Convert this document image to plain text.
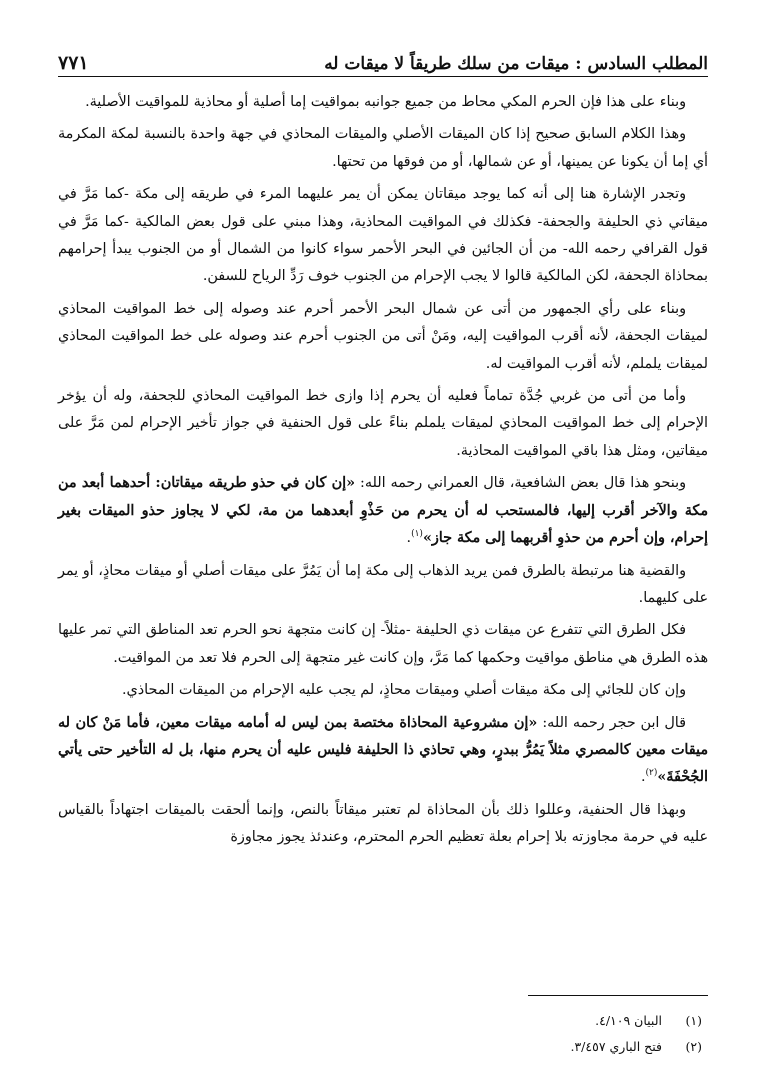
المطلب السادس : ميقات من سلك طريقاً لا ميقات له
٧٧١

وبناء على هذا فإن الحرم المكي محاط من جميع جوانبه بمواقيت إما أصلية أو محاذية للمواقيت الأصلية.

وهذا الكلام السابق صحيح إذا كان الميقات الأصلي والميقات المحاذي في جهة واحدة بالنسبة لمكة المكرمة أي إما أن يكونا عن يمينها، أو عن شمالها، أو من فوقها من تحتها.

وتجدر الإشارة هنا إلى أنه كما يوجد ميقاتان يمكن أن يمر عليهما المرء في طريقه إلى مكة -كما مَرَّ في ميقاتي ذي الحليفة والجحفة- فكذلك في المواقيت المحاذية، وهذا مبني على قول بعض المالكية -كما مَرَّ في قول القرافي رحمه الله- من أن الجائين في البحر الأحمر سواء كانوا من الشمال أو من الجنوب يبدأ إحرامهم بمحاذاة الجحفة، لكن المالكية قالوا لا يجب الإحرام من الجنوب خوف رَدِّ الرياح للسفن.

وبناء على رأي الجمهور من أتى عن شمال البحر الأحمر أحرم عند وصوله إلى خط المواقيت المحاذي لميقات الجحفة، لأنه أقرب المواقيت إليه، ومَنْ أتى من الجنوب أحرم عند وصوله على خط المواقيت المحاذي لميقات يلملم، لأنه أقرب المواقيت له.

وأما من أتى من غربي جُدَّة تماماً فعليه أن يحرم إذا وازى خط المواقيت المحاذي للجحفة، وله أن يؤخر الإحرام إلى خط المواقيت المحاذي لميقات يلملم بناءً على قول الحنفية في جواز تأخير الإحرام لمن مَرَّ على ميقاتين، ومثل هذا باقي المواقيت المحاذية.

وبنحو هذا قال بعض الشافعية، قال العمراني رحمه الله: «إن كان في حذو طريقه ميقاتان: أحدهما أبعد من مكة والآخر أقرب إليها، فالمستحب له أن يحرم من حَذْوِ أبعدهما من مة، لكي لا يجاوز حذو الميقات بغير إحرام، وإن أحرم من حذوِ أقربهما إلى مكة جاز»$^{(١)}$.

والقضية هنا مرتبطة بالطرق فمن يريد الذهاب إلى مكة إما أن يَمُرَّ على ميقات أصلي أو ميقات محاذٍ، أو يمر على كليهما.

فكل الطرق التي تتفرع عن ميقات ذي الحليفة -مثلاً- إن كانت متجهة نحو الحرم تعد المناطق التي تمر عليها هذه الطرق هي مناطق مواقيت وحكمها كما مَرَّ، وإن كانت غير متجهة إلى الحرم فلا تعد من المواقيت.

وإن كان للجائي إلى مكة ميقات أصلي وميقات محاذٍ، لم يجب عليه الإحرام من الميقات المحاذي.

قال ابن حجر رحمه الله: «إن مشروعية المحاذاة مختصة بمن ليس له أمامه ميقات معين، فأما مَنْ كان له ميقات معين كالمصري مثلاً يَمُرُّ ببدرٍ، وهي تحاذي ذا الحليفة فليس عليه أن يحرم منها، بل له التأخير حتى يأتي الجُحْفَةَ»$^{(٢)}$.

وبهذا قال الحنفية، وعللوا ذلك بأن المحاذاة لم تعتبر ميقاتاً بالنص، وإنما ألحقت بالميقات اجتهاداً بالقياس عليه في حرمة مجاوزته بلا إحرام بعلة تعظيم الحرم المحترم، وعندئذ يجوز مجاوزة

(١)البيان ٤/١٠٩.
(٢)فتح الباري ٣/٤٥٧.
